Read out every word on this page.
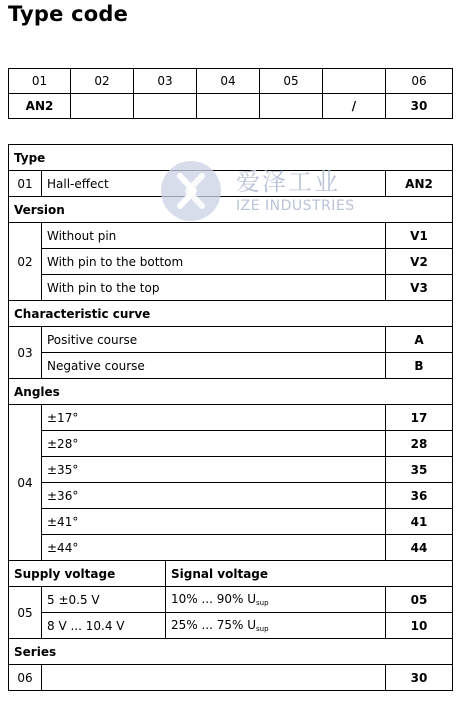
Type code
01	02	03	04	05		06
AN2					/	30
Type			
01	Hall-effect		AN2
Version			
02	Without pin		V1
	With pin to the bottom		V2
	With pin to the top		V3
Characteristic curve			
03	Positive course		A
	Negative course		B
Angles			
04	±17°		17
	±28°		28
	±35°		35
	±36°		36
	±41°		41
	±44°		44
Supply voltage		Signal voltage	
05	5 ±0.5 V	10% ... 90% $U_{sup}$	05
	8 V ... 10.4 V	25% ... 75% $U_{sup}$	10
Series			
06			30
爱泽工业
IZE INDUSTRIES
